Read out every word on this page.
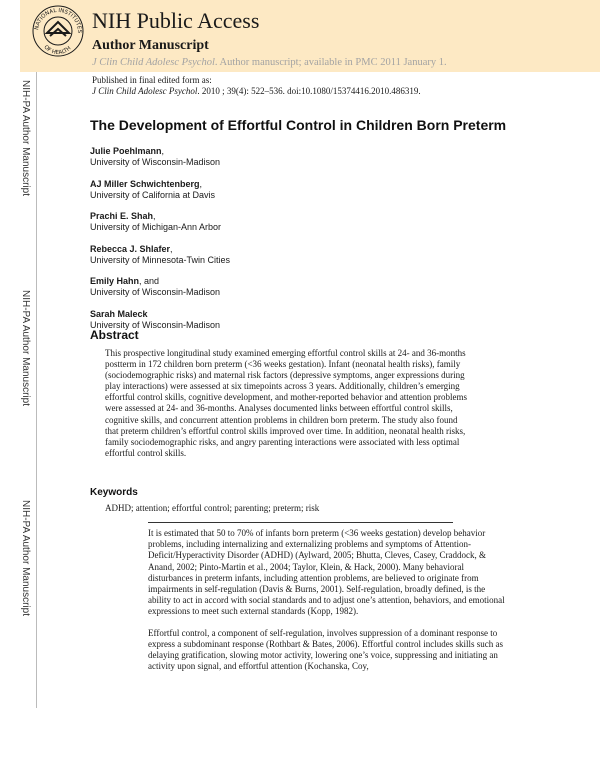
NATIONAL INSTITUTES
OF HEALTH
NIH Public Access
Author Manuscript
J Clin Child Adolesc Psychol. Author manuscript; available in PMC 2011 January 1.
NIH-PA Author Manuscript
NIH-PA Author Manuscript
NIH-PA Author Manuscript
Published in final edited form as:
J Clin Child Adolesc Psychol. 2010 ; 39(4): 522–536. doi:10.1080/15374416.2010.486319.
The Development of Effortful Control in Children Born Preterm
Julie Poehlmann,
University of Wisconsin-Madison
AJ Miller Schwichtenberg,
University of California at Davis
Prachi E. Shah,
University of Michigan-Ann Arbor
Rebecca J. Shlafer,
University of Minnesota-Twin Cities
Emily Hahn, and
University of Wisconsin-Madison
Sarah Maleck
University of Wisconsin-Madison
Abstract
This prospective longitudinal study examined emerging effortful control skills at 24- and 36-months postterm in 172 children born preterm (<36 weeks gestation). Infant (neonatal health risks), family (sociodemographic risks) and maternal risk factors (depressive symptoms, anger expressions during play interactions) were assessed at six timepoints across 3 years. Additionally, children’s emerging effortful control skills, cognitive development, and mother-reported behavior and attention problems were assessed at 24- and 36-months. Analyses documented links between effortful control skills, cognitive skills, and concurrent attention problems in children born preterm. The study also found that preterm children’s effortful control skills improved over time. In addition, neonatal health risks, family sociodemographic risks, and angry parenting interactions were associated with less optimal effortful control skills.
Keywords
ADHD; attention; effortful control; parenting; preterm; risk

It is estimated that 50 to 70% of infants born preterm (<36 weeks gestation) develop behavior problems, including internalizing and externalizing problems and symptoms of Attention-Deficit/Hyperactivity Disorder (ADHD) (Aylward, 2005; Bhutta, Cleves, Casey, Craddock, & Anand, 2002; Pinto-Martin et al., 2004; Taylor, Klein, & Hack, 2000). Many behavioral disturbances in preterm infants, including attention problems, are believed to originate from impairments in self-regulation (Davis & Burns, 2001). Self-regulation, broadly defined, is the ability to act in accord with social standards and to adjust one’s attention, behaviors, and emotional expressions to meet such external standards (Kopp, 1982).

Effortful control, a component of self-regulation, involves suppression of a dominant response to express a subdominant response (Rothbart & Bates, 2006). Effortful control includes skills such as delaying gratification, slowing motor activity, lowering one’s voice, suppressing and initiating an activity upon signal, and effortful attention (Kochanska, Coy,
